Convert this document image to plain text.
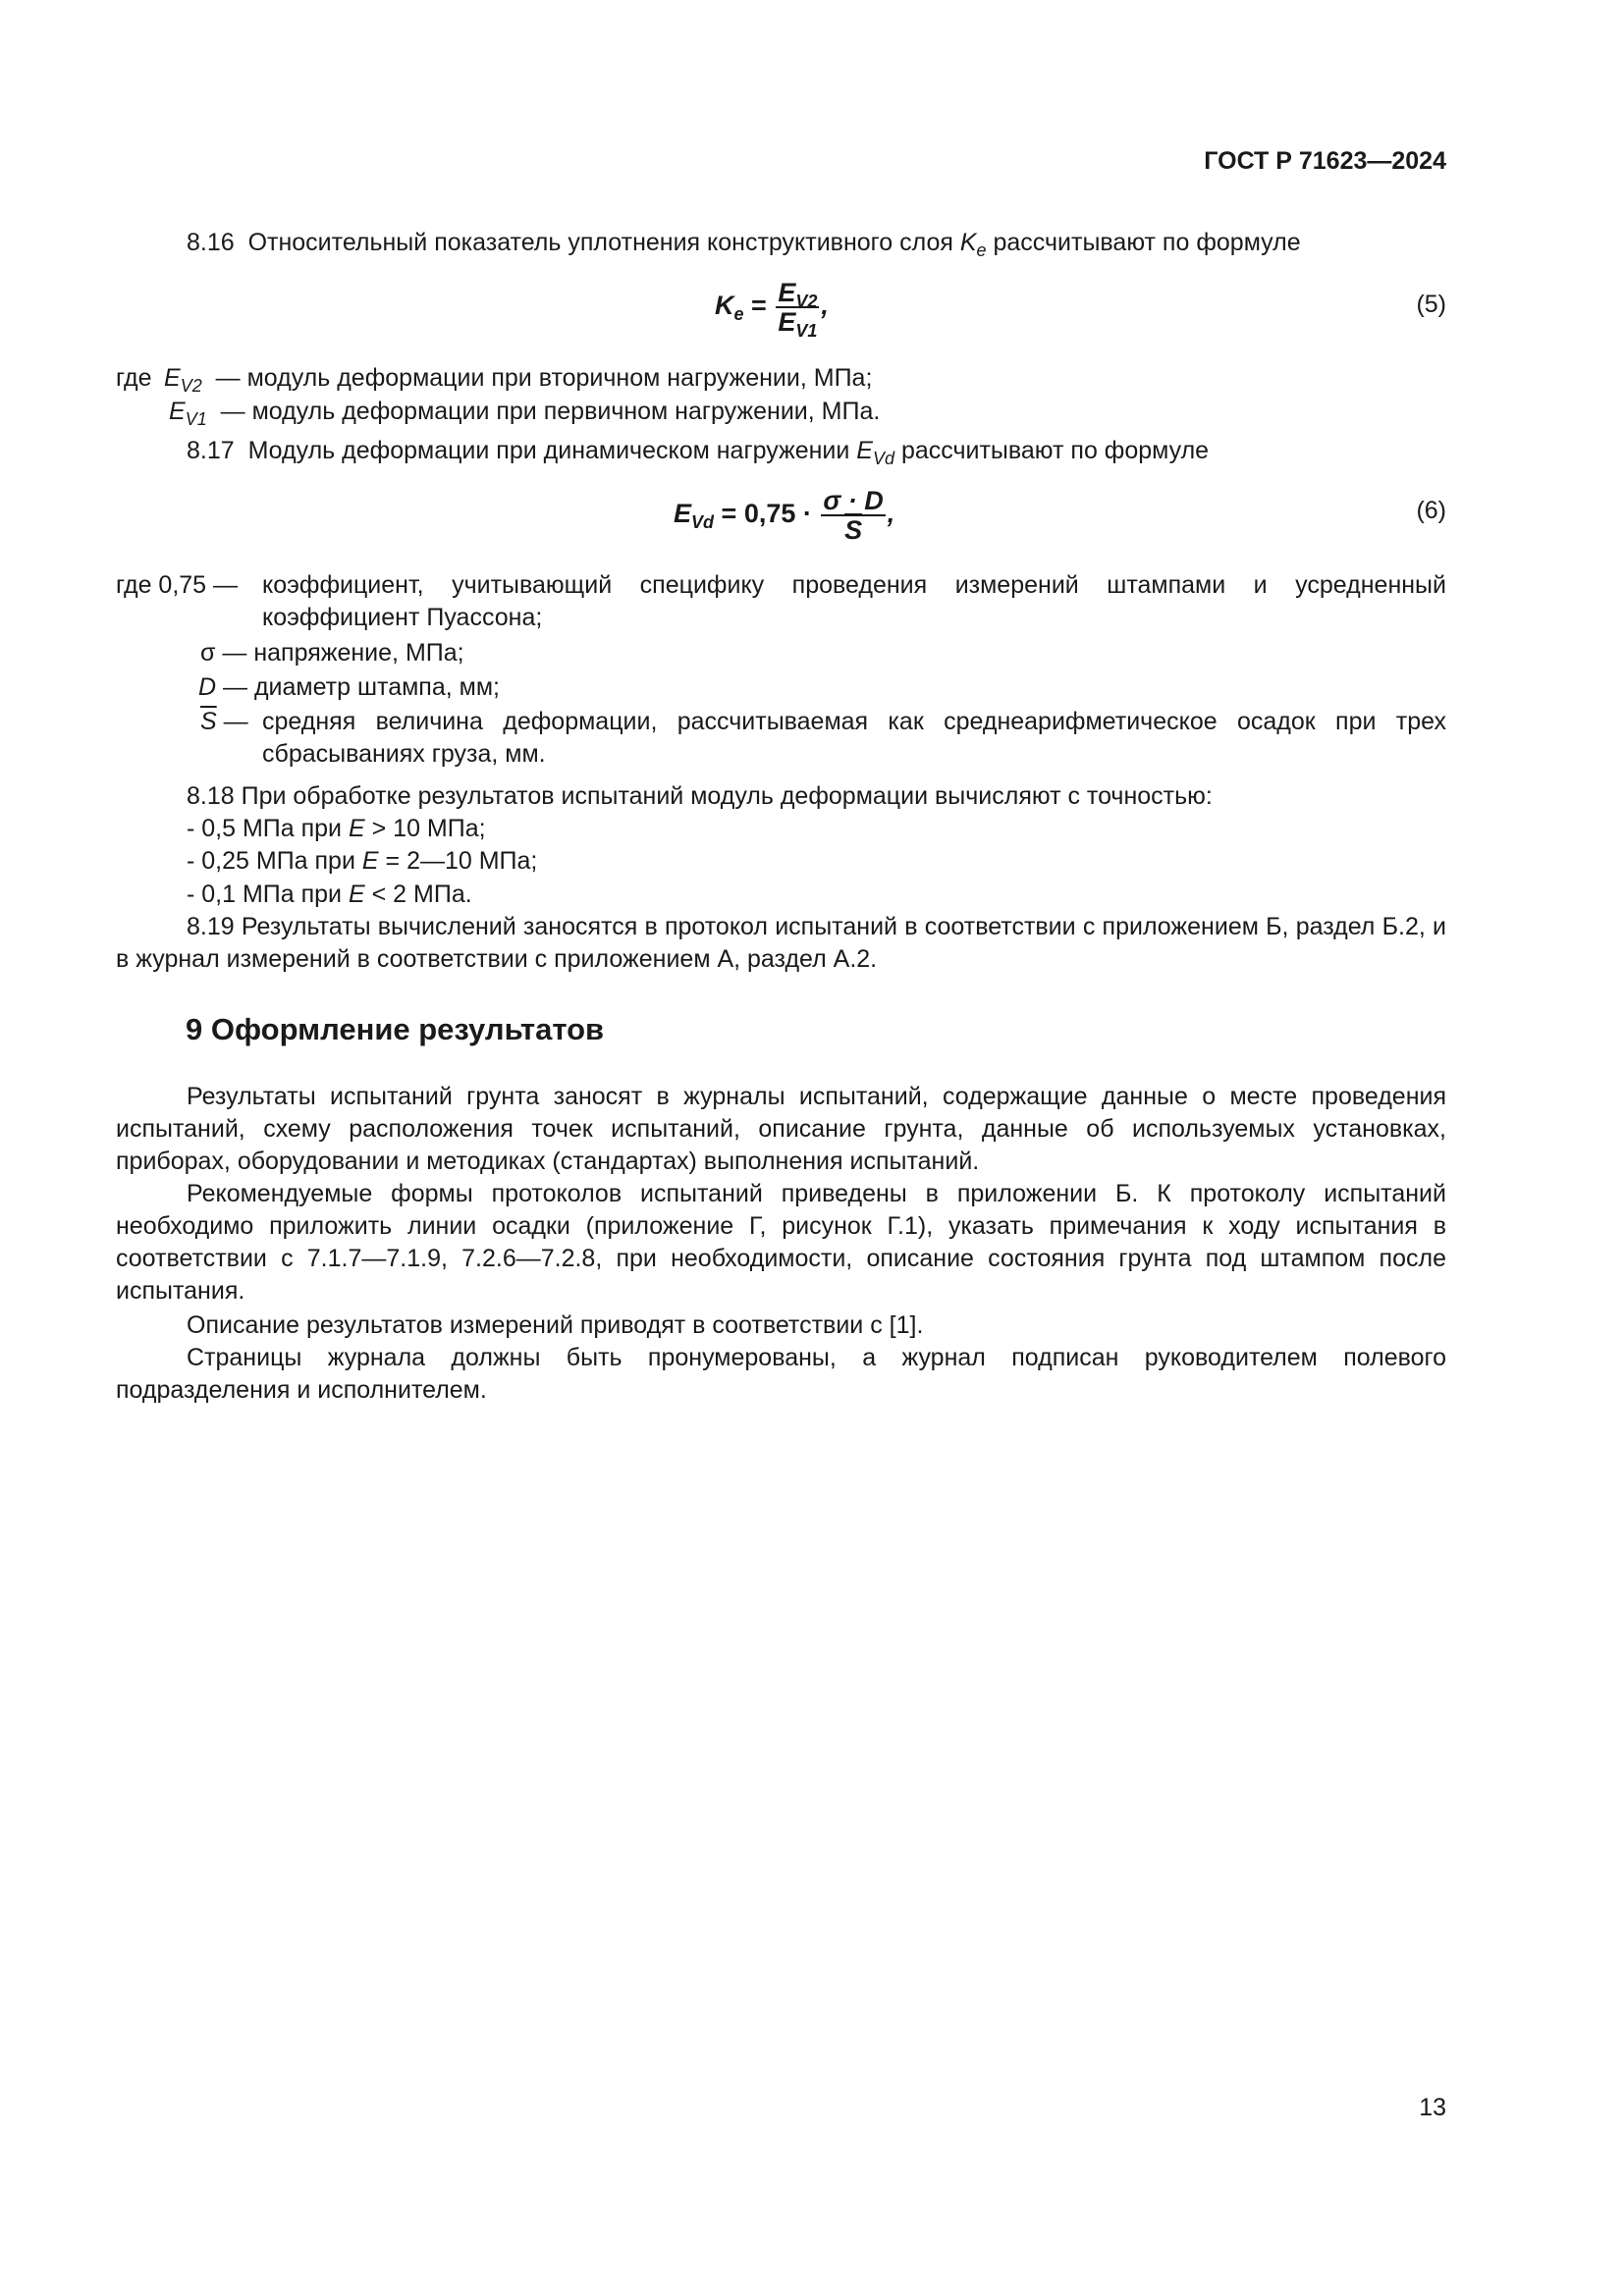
ГОСТ Р 71623—2024
8.16 Относительный показатель уплотнения конструктивного слоя $K_e$ рассчитывают по формуле
$K_e = \frac{E_{V2}}{E_{V1}}$ ,	(5)
где $E_{V2}$ — модуль деформации при вторичном нагружении, МПа;
$E_{V1}$ — модуль деформации при первичном нагружении, МПа.
8.17 Модуль деформации при динамическом нагружении $E_{Vd}$ рассчитывают по формуле
$E_{Vd} = 0,75 \cdot \frac{\sigma \cdot D}{S}$ ,	(6)
где 0,75 — коэффициент, учитывающий специфику проведения измерений штампами и усредненный коэффициент Пуассона;
σ — напряжение, МПа;
D — диаметр штампа, мм;
$\overline{S}$ — средняя величина деформации, рассчитываемая как среднеарифметическое осадок при трех сбрасываниях груза, мм.
8.18 При обработке результатов испытаний модуль деформации вычисляют с точностью:
- 0,5 МПа при E > 10 МПа;
- 0,25 МПа при E = 2—10 МПа;
- 0,1 МПа при E < 2 МПа.
8.19 Результаты вычислений заносятся в протокол испытаний в соответствии с приложением Б, раздел Б.2, и в журнал измерений в соответствии с приложением А, раздел А.2.
9 Оформление результатов
Результаты испытаний грунта заносят в журналы испытаний, содержащие данные о месте проведения испытаний, схему расположения точек испытаний, описание грунта, данные об используемых установках, приборах, оборудовании и методиках (стандартах) выполнения испытаний.
Рекомендуемые формы протоколов испытаний приведены в приложении Б. К протоколу испытаний необходимо приложить линии осадки (приложение Г, рисунок Г.1), указать примечания к ходу испытания в соответствии с 7.1.7—7.1.9, 7.2.6—7.2.8, при необходимости, описание состояния грунта под штампом после испытания.
Описание результатов измерений приводят в соответствии с [1].
Страницы журнала должны быть пронумерованы, а журнал подписан руководителем полевого подразделения и исполнителем.
13
